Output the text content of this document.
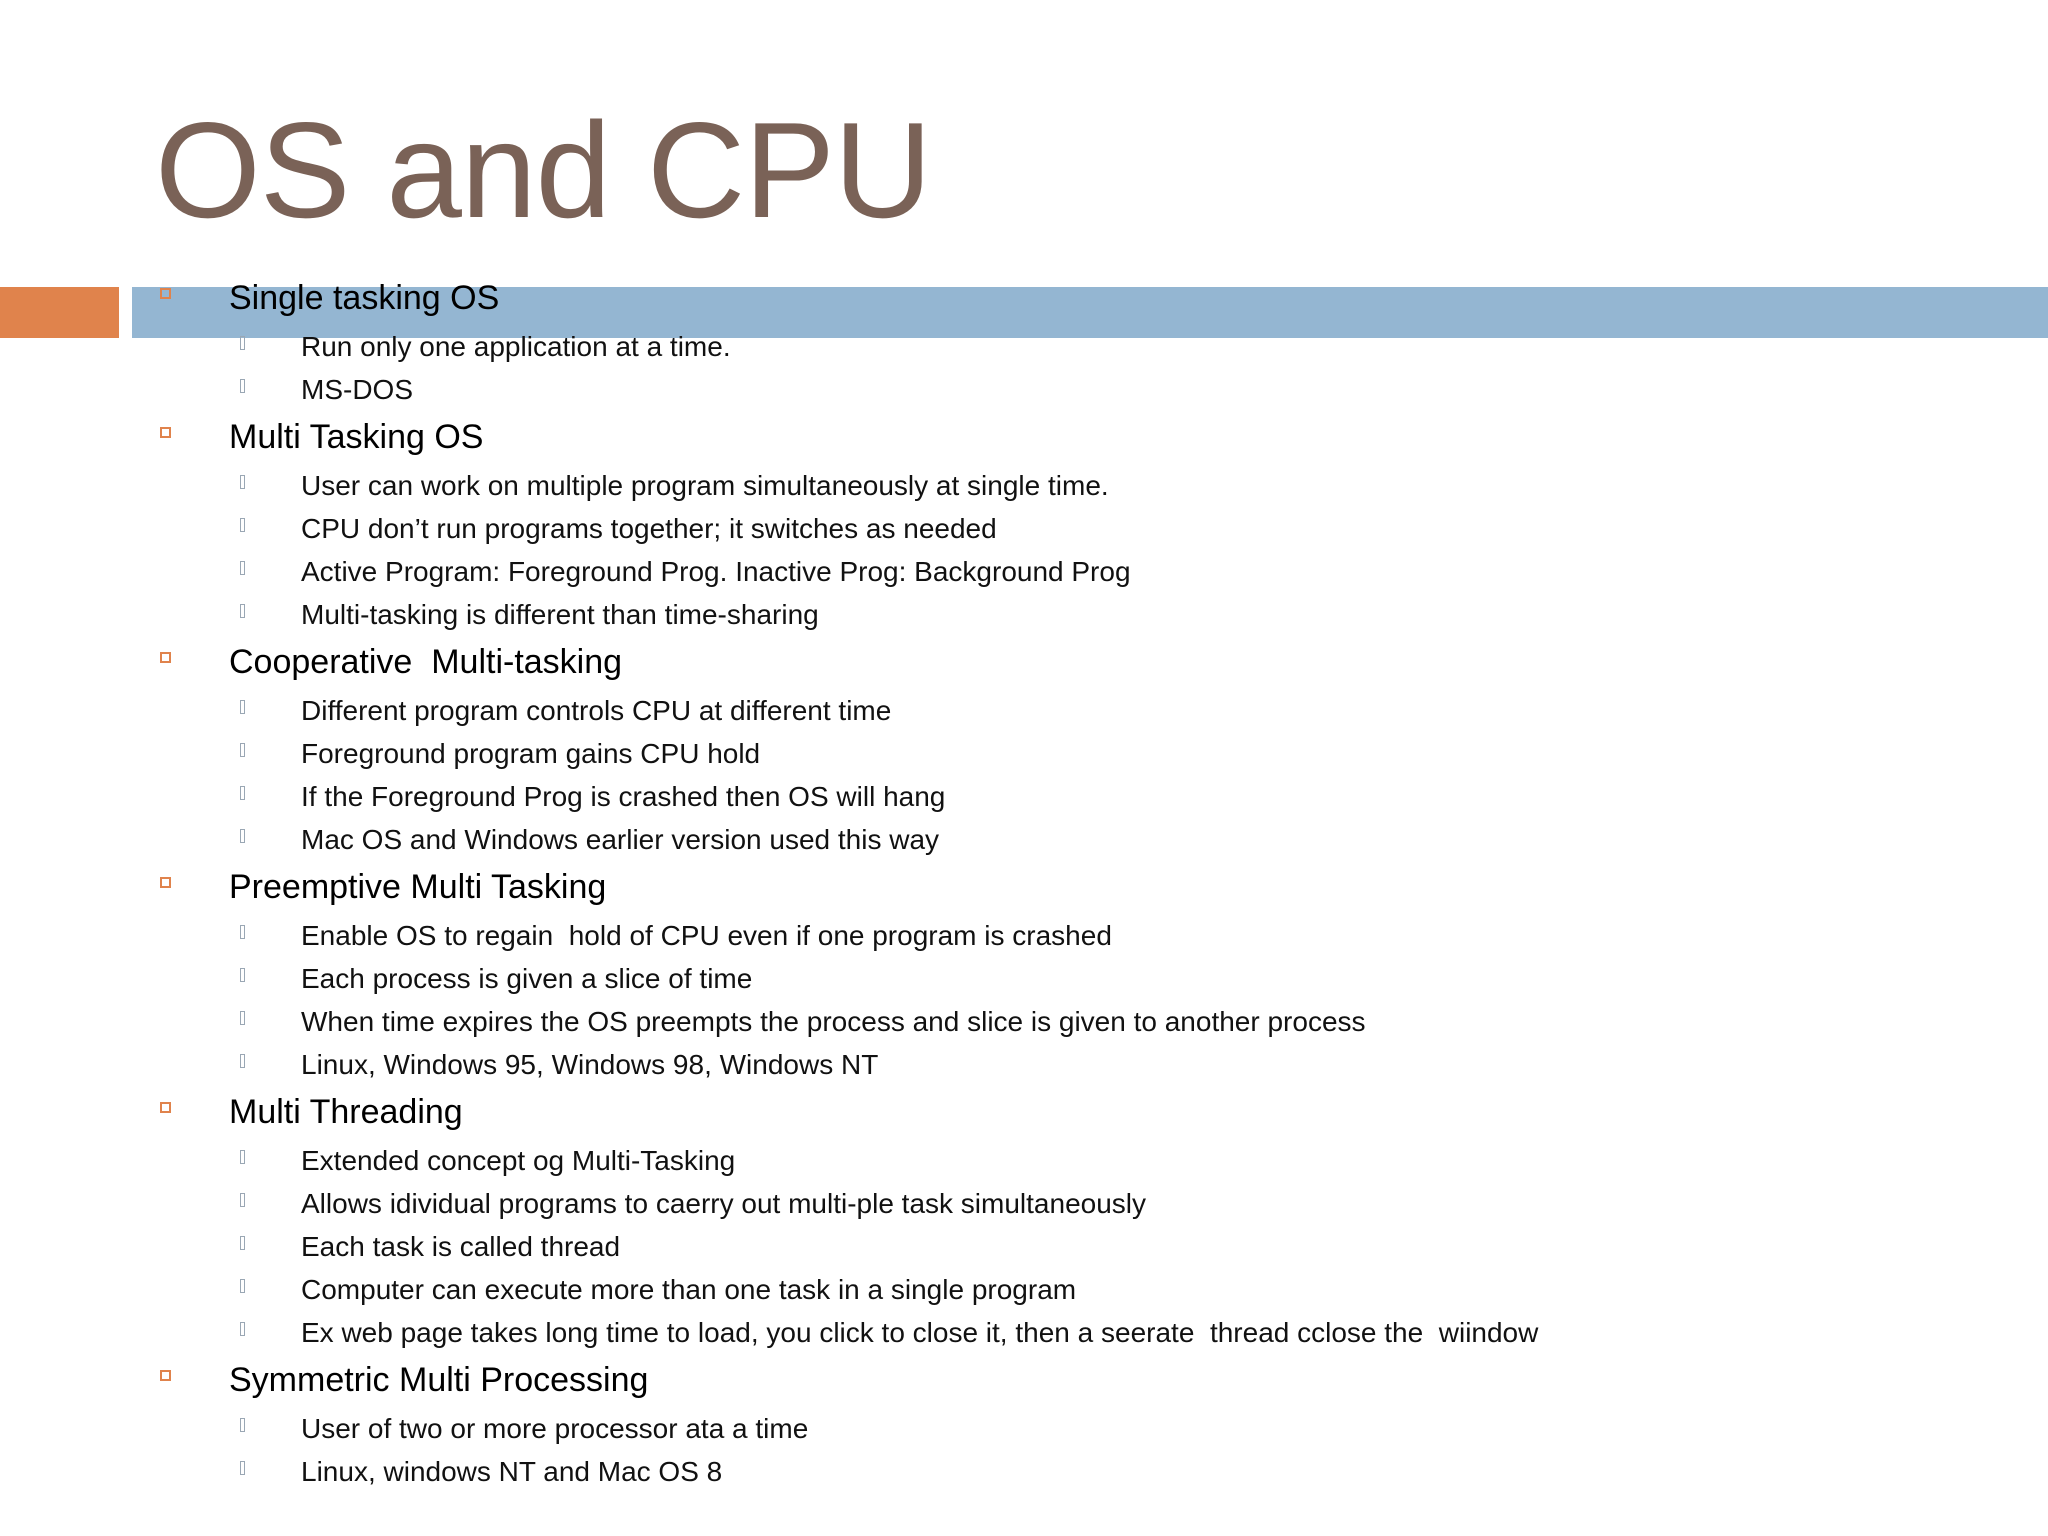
OS and CPU
Single tasking OS
Run only one application at a time.
MS-DOS
Multi Tasking OS
User can work on multiple program simultaneously at single time.
CPU don’t run programs together; it switches as needed
Active Program: Foreground Prog. Inactive Prog: Background Prog
Multi-tasking is different than time-sharing
Cooperative  Multi-tasking
Different program controls CPU at different time
Foreground program gains CPU hold
If the Foreground Prog is crashed then OS will hang
Mac OS and Windows earlier version used this way
Preemptive Multi Tasking
Enable OS to regain  hold of CPU even if one program is crashed
Each process is given a slice of time
When time expires the OS preempts the process and slice is given to another process
Linux, Windows 95, Windows 98, Windows NT
Multi Threading
Extended concept og Multi-Tasking
Allows idividual programs to caerry out multi-ple task simultaneously
Each task is called thread
Computer can execute more than one task in a single program
Ex web page takes long time to load, you click to close it, then a seerate  thread cclose the  wiindow
Symmetric Multi Processing
User of two or more processor ata a time
Linux, windows NT and Mac OS 8
